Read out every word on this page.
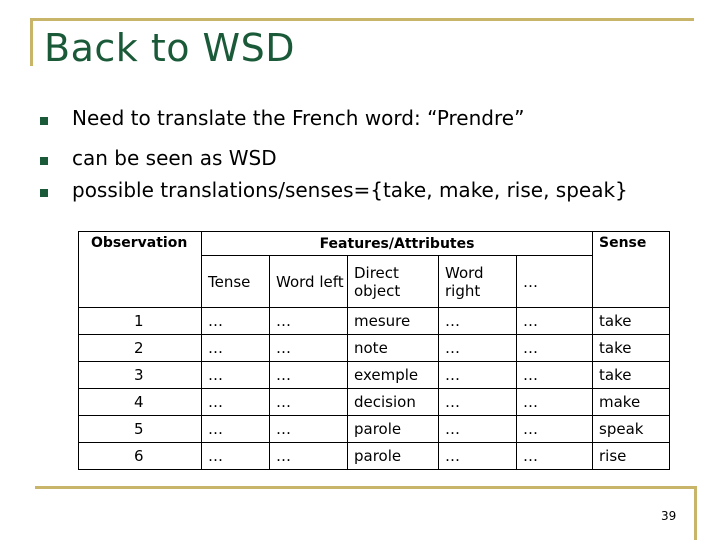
Back to WSD
Need to translate the French word: “Prendre”
can be seen as WSD
possible translations/senses={take, make, rise, speak}
Observation	Features/Attributes					Sense
	Tense	Word left	Direct object	Word right	…	
1	…	…	mesure	…	…	take
2	…	…	note	…	…	take
3	…	…	exemple	…	…	take
4	…	…	decision	…	…	make
5	…	…	parole	…	…	speak
6	…	…	parole	…	…	rise
39
